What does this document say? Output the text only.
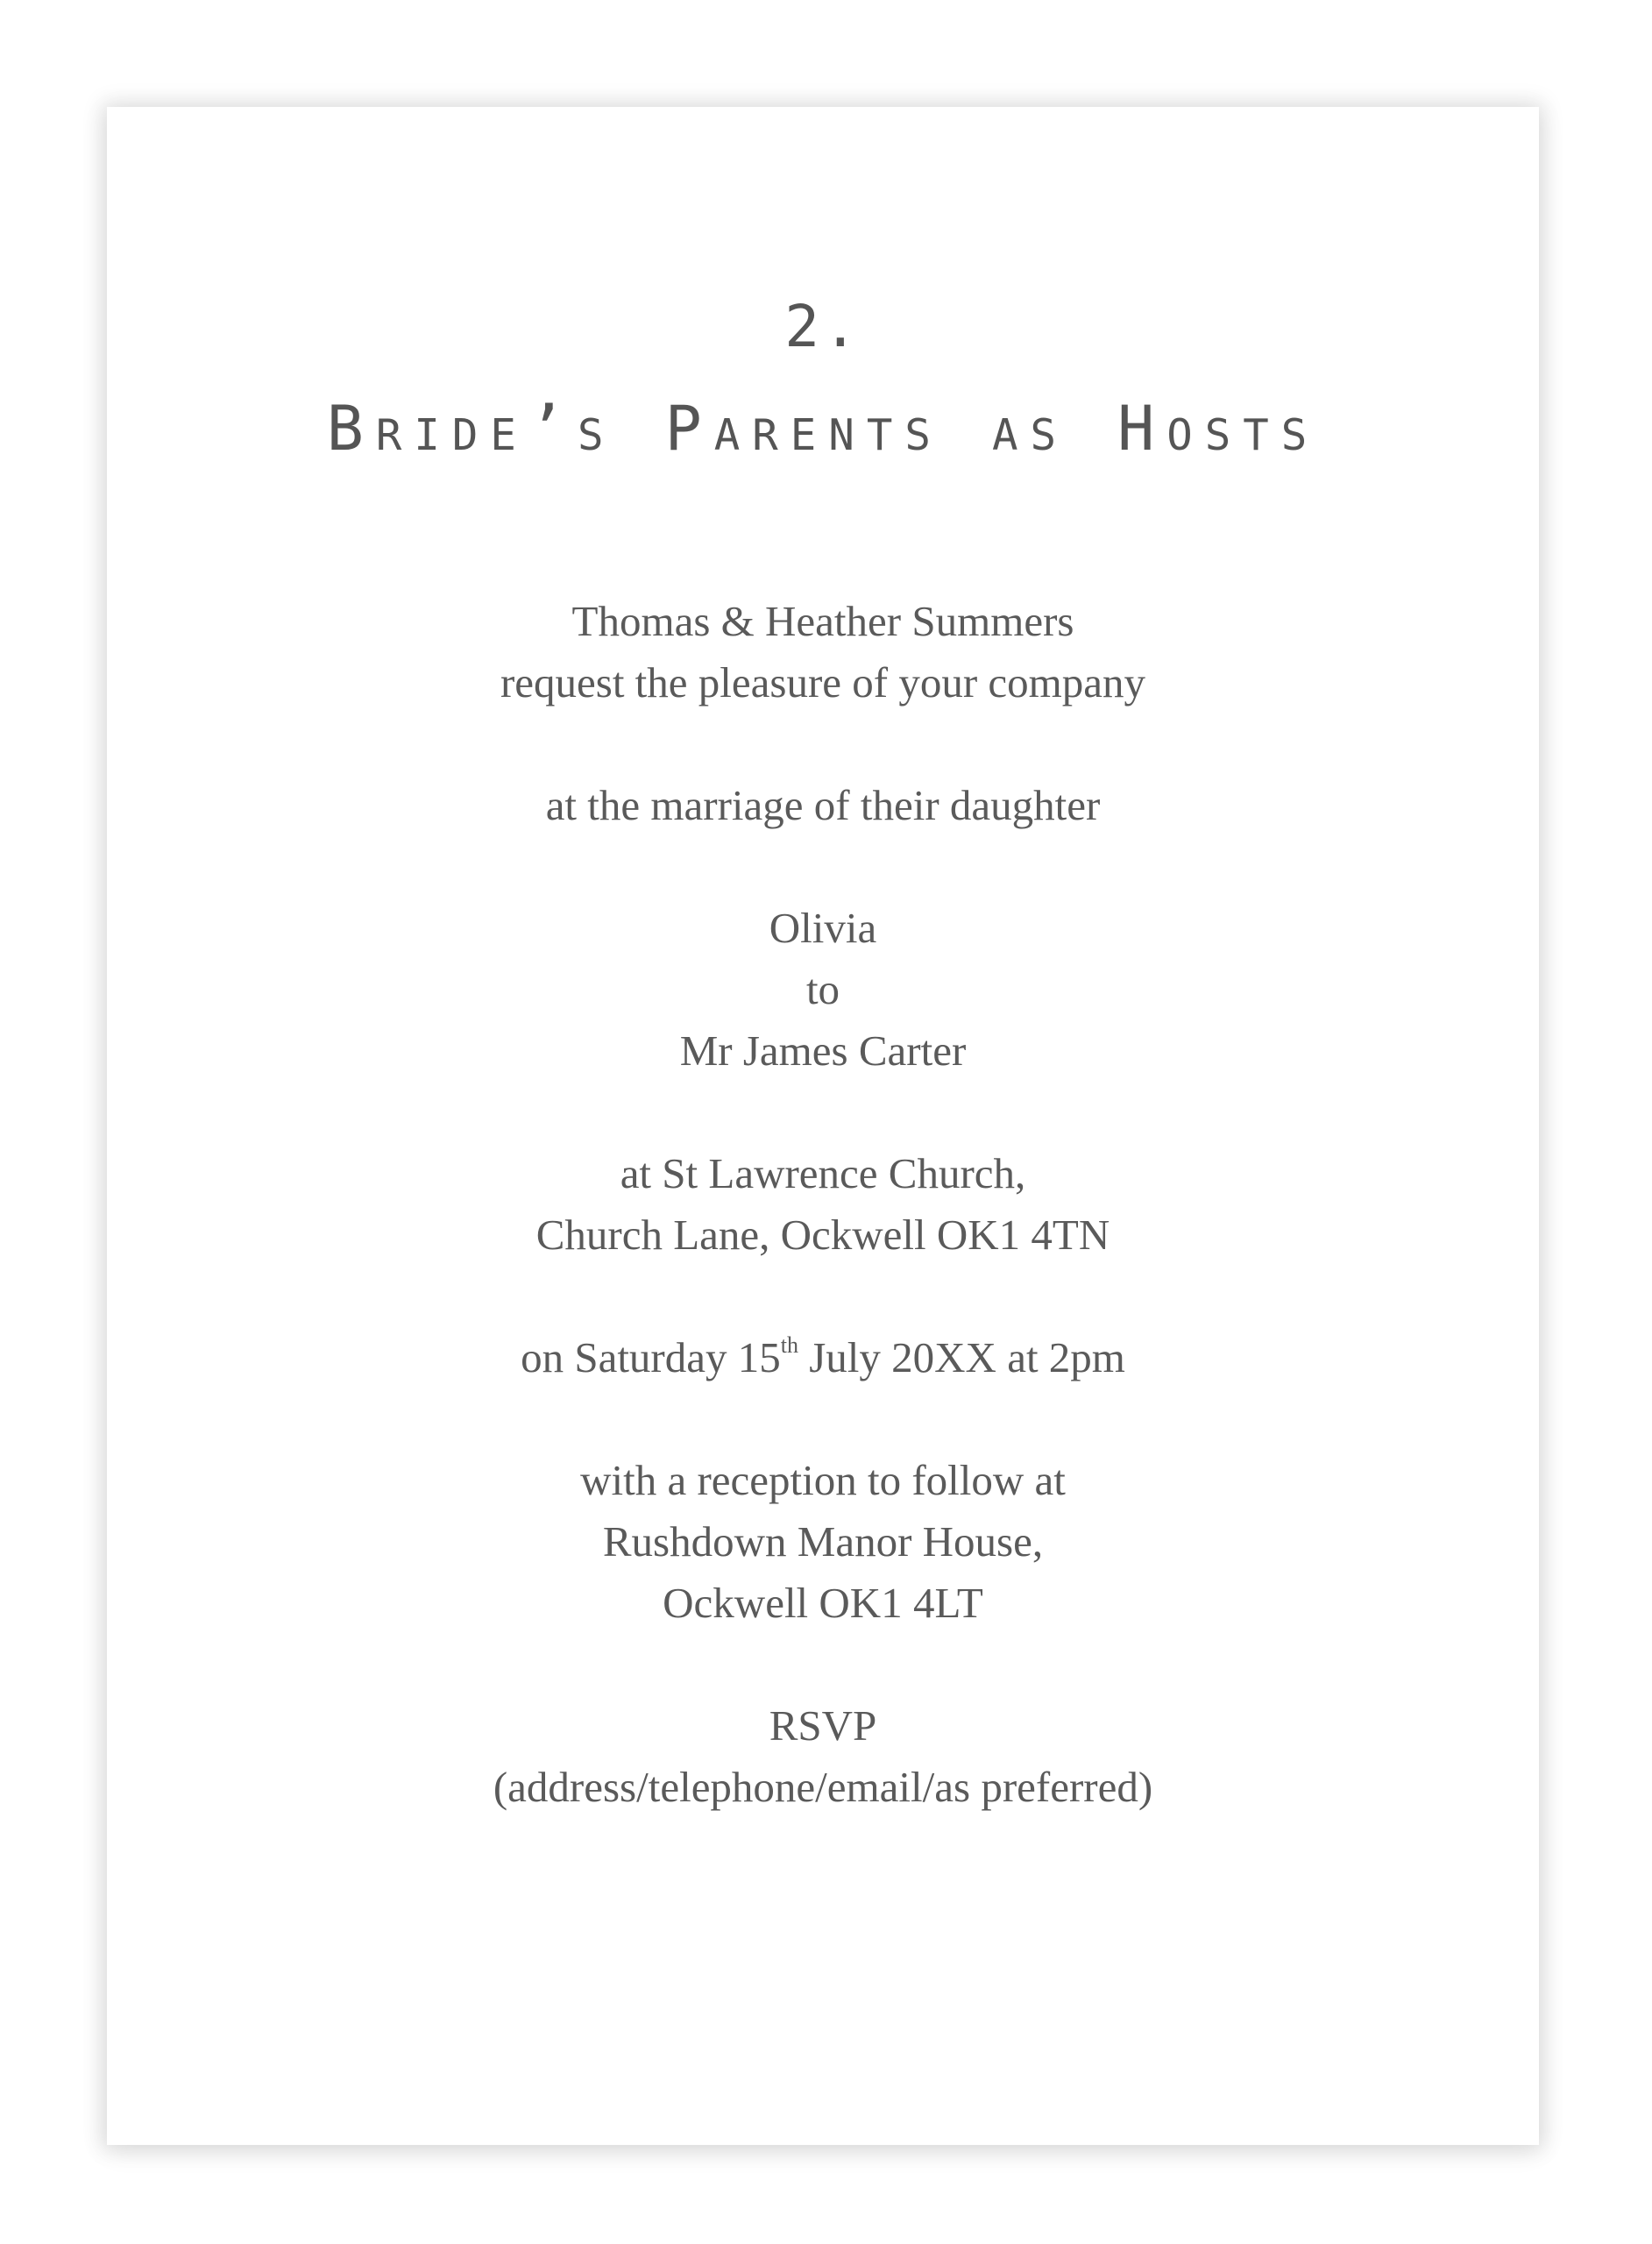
2.
Bride’s Parents as Hosts
Thomas & Heather Summers
request the pleasure of your company
at the marriage of their daughter
Olivia
to
Mr James Carter
at St Lawrence Church,
Church Lane, Ockwell OK1 4TN
on Saturday 15th July 20XX at 2pm
with a reception to follow at
Rushdown Manor House,
Ockwell OK1 4LT
RSVP
(address/telephone/email/as preferred)
